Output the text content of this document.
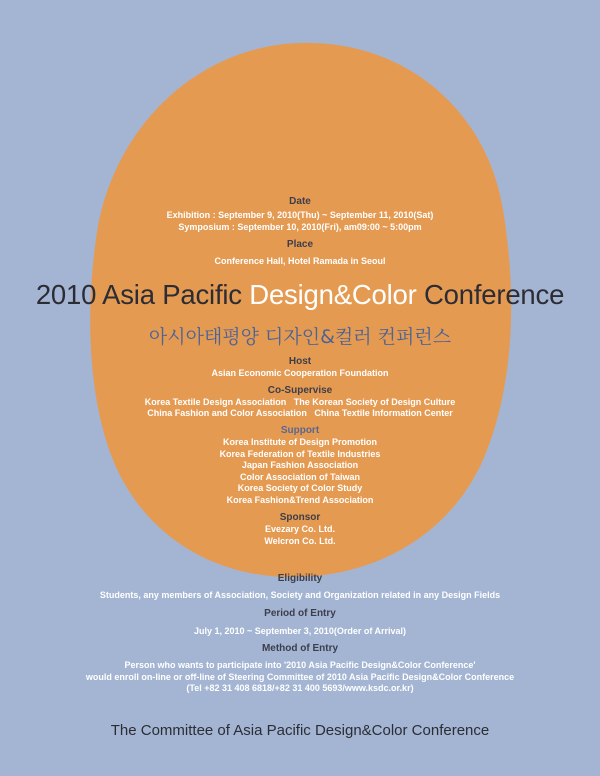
Date
Exhibition : September 9, 2010(Thu) ~ September 11, 2010(Sat)
Symposium : September 10, 2010(Fri), am09:00 ~ 5:00pm
Place
Conference Hall, Hotel Ramada in Seoul
2010 Asia Pacific Design&Color Conference
아시아태평양 디자인&컬러 컨퍼런스
Host
Asian Economic Cooperation Foundation
Co-Supervise
Korea Textile Design Association   The Korean Society of Design Culture
China Fashion and Color Association   China Textile Information Center
Support
Korea Institute of Design Promotion
Korea Federation of Textile Industries
Japan Fashion Association
Color Association of Taiwan
Korea Society of Color Study
Korea Fashion&Trend Association
Sponsor
Evezary Co. Ltd.
Welcron Co. Ltd.
Eligibility
Students, any members of Association, Society and Organization related in any Design Fields
Period of Entry
July 1, 2010 ~ September 3, 2010(Order of Arrival)
Method of Entry
Person who wants to participate into '2010 Asia Pacific Design&Color Conference'
would enroll on-line or off-line of Steering Committee of 2010 Asia Pacific Design&Color Conference
(Tel +82 31 408 6818/+82 31 400 5693/www.ksdc.or.kr)
The Committee of Asia Pacific Design&Color Conference
